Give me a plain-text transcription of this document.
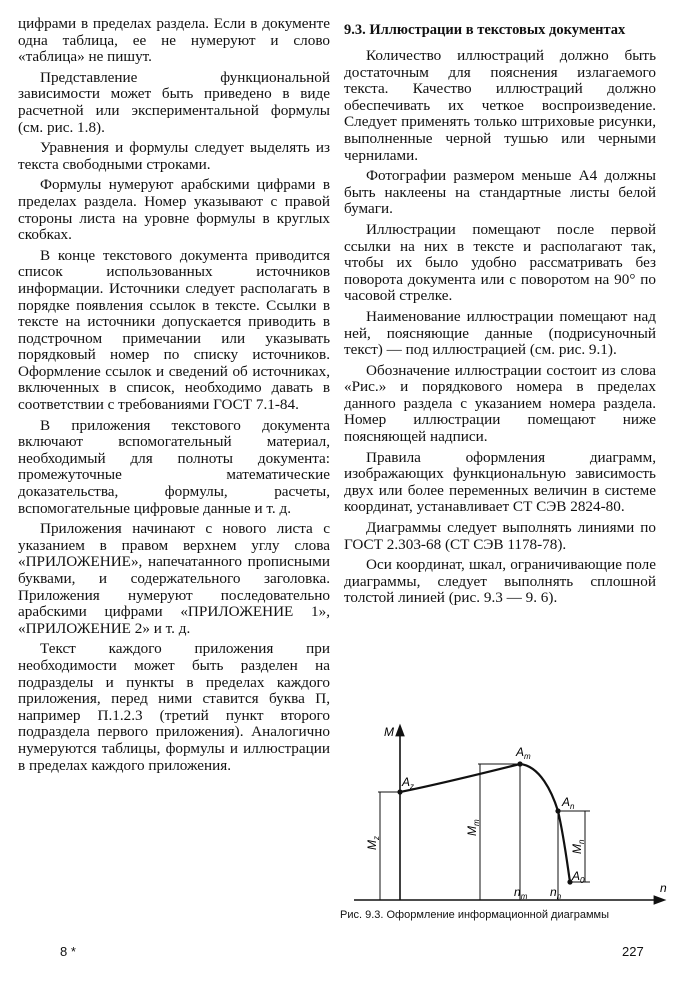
цифрами в пределах раздела. Если в документе одна таблица, ее не нумеруют и слово «таблица» не пишут.

Представление функциональной зависимости может быть приведено в виде расчетной или экспериментальной формулы (см. рис. 1.8).

Уравнения и формулы следует выделять из текста свободными строками.

Формулы нумеруют арабскими цифрами в пределах раздела. Номер указывают с правой стороны листа на уровне формулы в круглых скобках.

В конце текстового документа приводится список использованных источников информации. Источники следует располагать в порядке появления ссылок в тексте. Ссылки в тексте на источники допускается приводить в подстрочном примечании или указывать порядковый номер по списку источников. Оформление ссылок и сведений об источниках, включенных в список, необходимо давать в соответствии с требованиями ГОСТ 7.1-84.

В приложения текстового документа включают вспомогательный материал, необходимый для полноты документа: промежуточные математические доказательства, формулы, расчеты, вспомогательные цифровые данные и т. д.

Приложения начинают с нового листа с указанием в правом верхнем углу слова «ПРИЛОЖЕНИЕ», напечатанного прописными буквами, и содержательного заголовка. Приложения нумеруют последовательно арабскими цифрами «ПРИЛОЖЕНИЕ 1», «ПРИЛОЖЕНИЕ 2» и т. д.

Текст каждого приложения при необходимости может быть разделен на подразделы и пункты в пределах каждого приложения, перед ними ставится буква П, например П.1.2.3 (третий пункт второго подраздела первого приложения). Аналогично нумеруются таблицы, формулы и иллюстрации в пределах каждого приложения.

9.3. Иллюстрации в текстовых документах

Количество иллюстраций должно быть достаточным для пояснения излагаемого текста. Качество иллюстраций должно обеспечивать их четкое воспроизведение. Следует применять только штриховые рисунки, выполненные черной тушью или черными чернилами.

Фотографии размером меньше А4 должны быть наклеены на стандартные листы белой бумаги.

Иллюстрации помещают после первой ссылки на них в тексте и располагают так, чтобы их было удобно рассматривать без поворота документа или с поворотом на 90° по часовой стрелке.

Наименование иллюстрации помещают над ней, поясняющие данные (подрисуночный текст) — под иллюстрацией (см. рис. 9.1).

Обозначение иллюстрации состоит из слова «Рис.» и порядкового номера в пределах данного раздела с указанием номера раздела. Номер иллюстрации помещают ниже поясняющей надписи.

Правила оформления диаграмм, изображающих функциональную зависимость двух или более переменных величин в системе координат, устанавливает СТ СЭВ 2824-80.

Диаграммы следует выполнять линиями по ГОСТ 2.303-68 (СТ СЭВ 1178-78).

Оси координат, шкал, ограничивающие поле диаграммы, следует выполнять сплошной толстой линией (рис. 9.3 — 9. 6).

M
n
$A_z$
$A_m$
$A_n$
$A_0$
$M_z$
$M_m$
$M_n$
$n_m$ $n_n$
Рис. 9.3. Оформление информационной диаграммы
8 *	227
